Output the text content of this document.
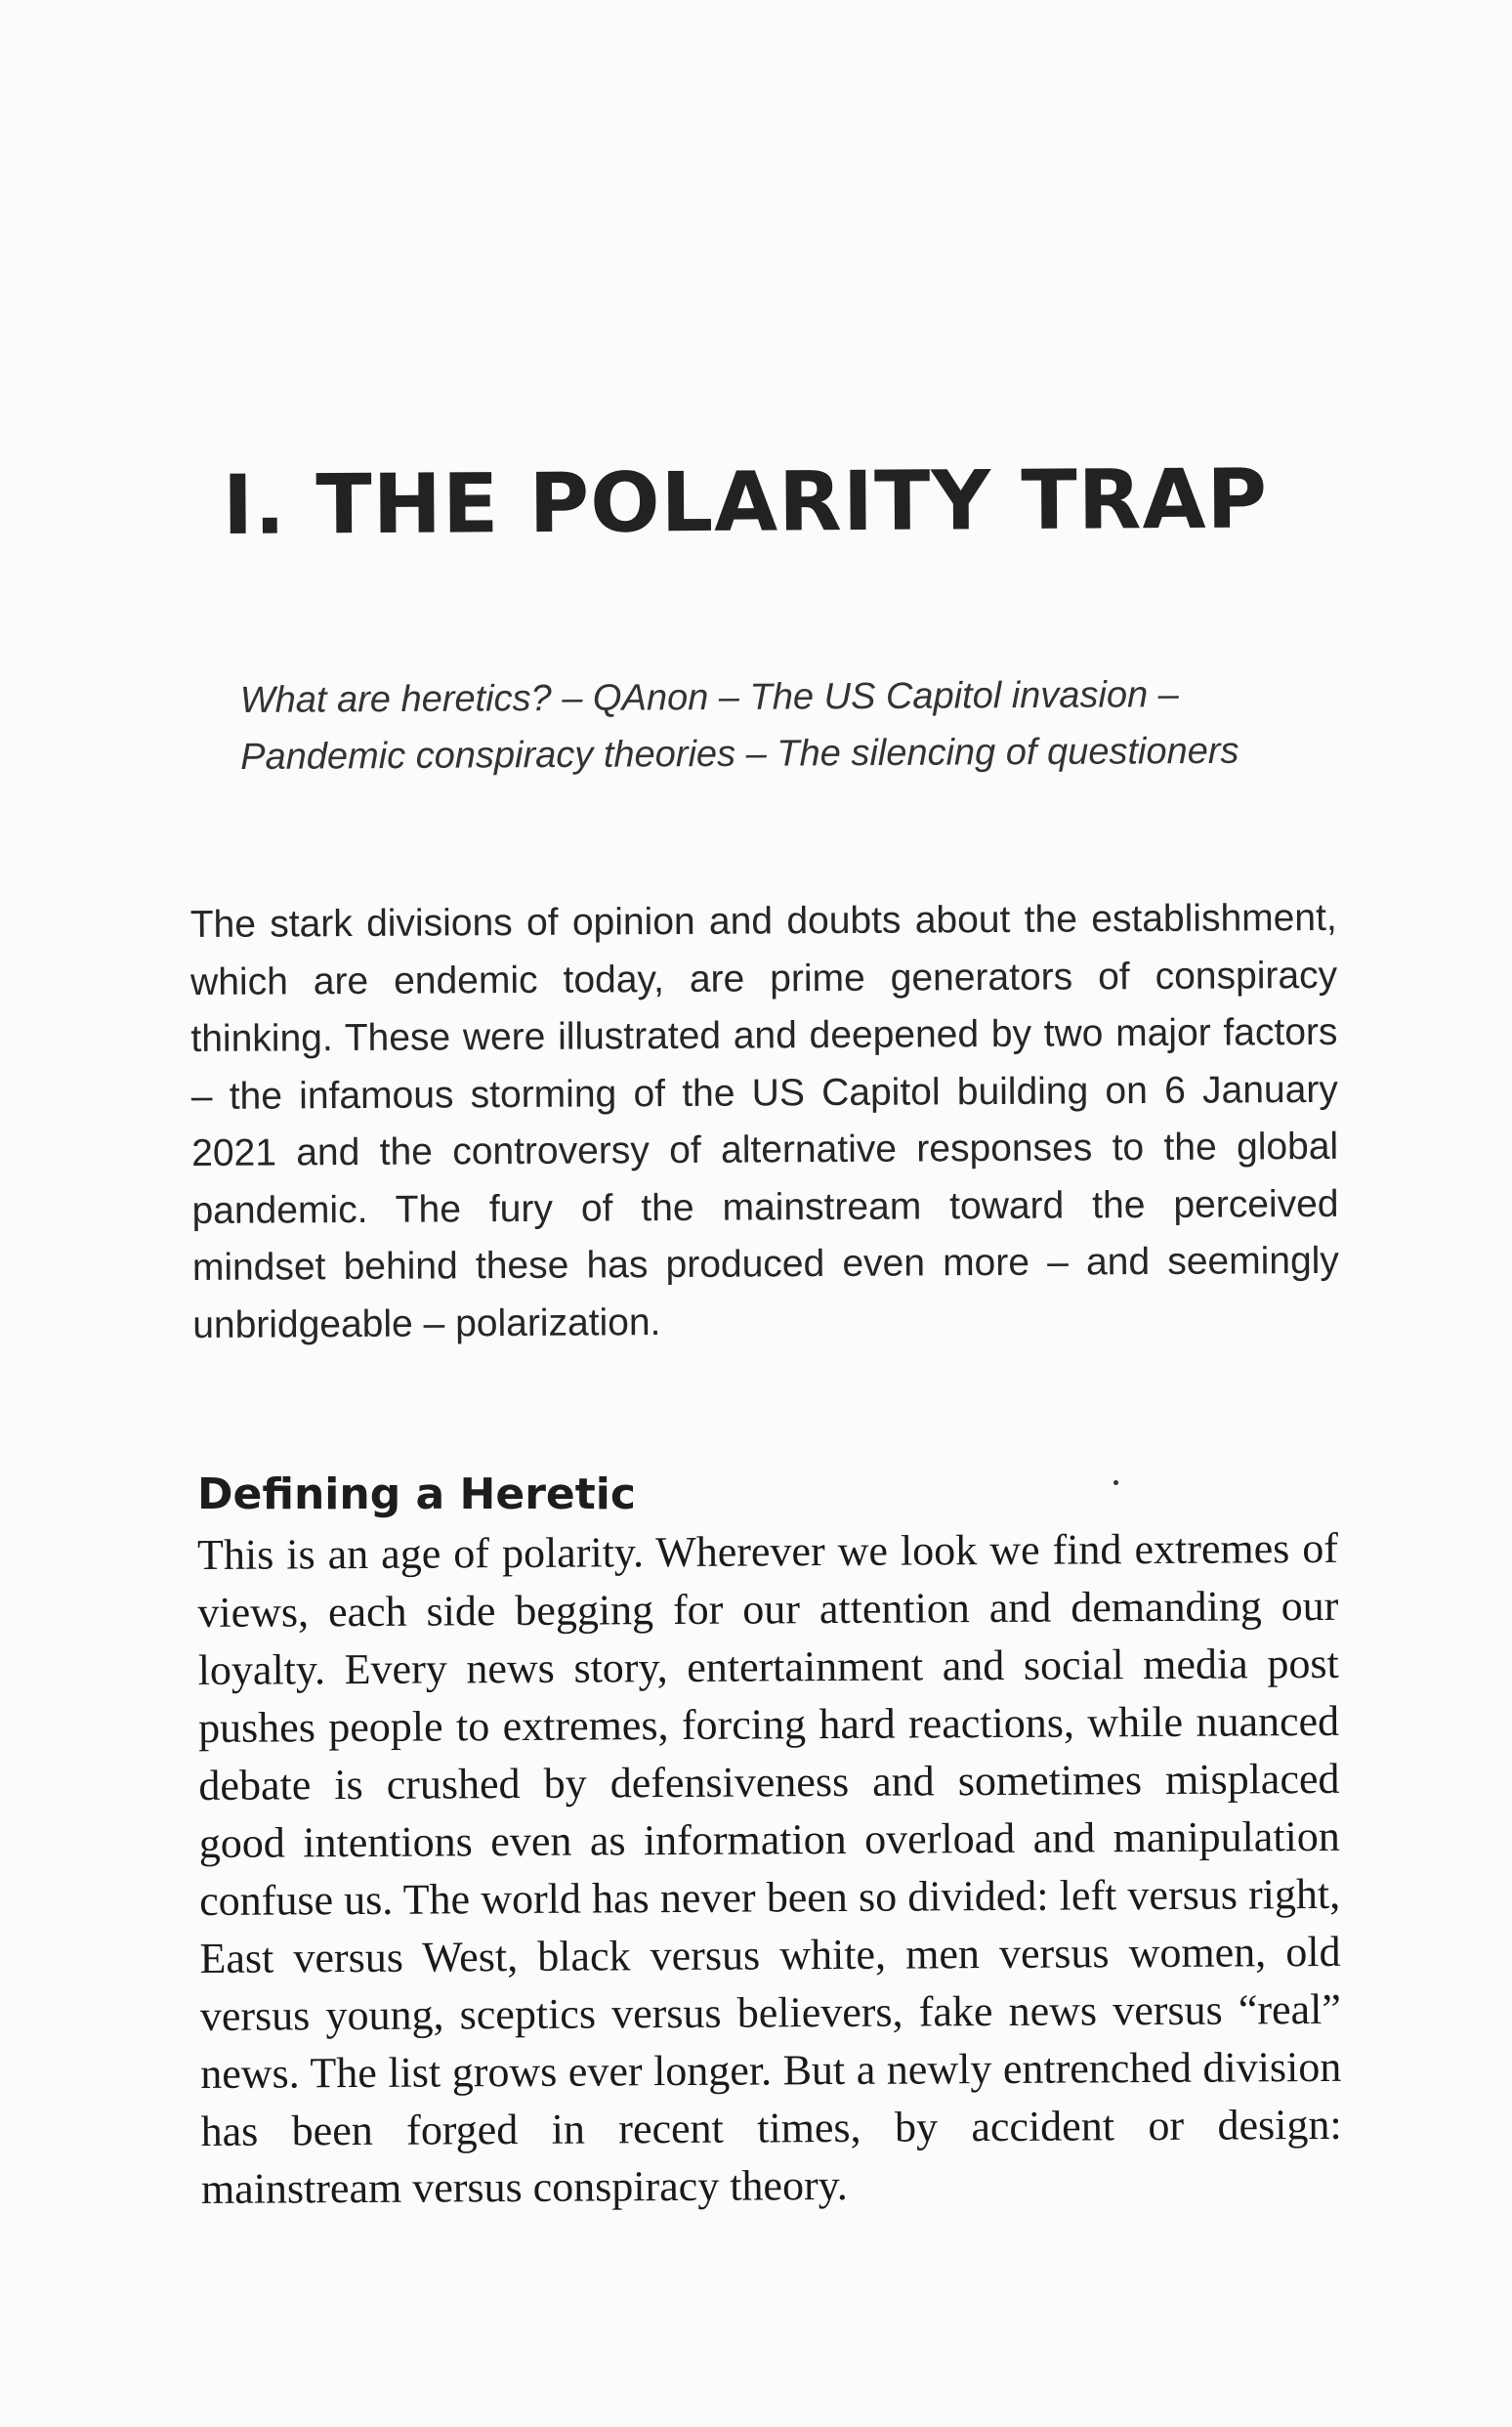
I. THE POLARITY TRAP
What are heretics? – QAnon – The US Capitol invasion –
Pandemic conspiracy theories – The silencing of questioners

The stark divisions of opinion and doubts about the establishment, which are endemic today, are prime generators of conspiracy thinking. These were illustrated and deepened by two major factors – the infamous storming of the US Capitol building on 6 January 2021 and the controversy of alternative responses to the global pandemic. The fury of the mainstream toward the perceived mindset behind these has produced even more – and seemingly unbridgeable – polarization.

Defining a Heretic

This is an age of polarity. Wherever we look we find extremes of views, each side begging for our attention and demanding our loyalty. Every news story, entertainment and social media post pushes people to extremes, forcing hard reactions, while nuanced debate is crushed by defensiveness and sometimes misplaced good intentions even as information overload and manipulation confuse us. The world has never been so divided: left versus right, East versus West, black versus white, men versus women, old versus young, sceptics versus believers, fake news versus “real” news. The list grows ever longer. But a newly entrenched division has been forged in recent times, by accident or design: mainstream versus conspiracy theory.
